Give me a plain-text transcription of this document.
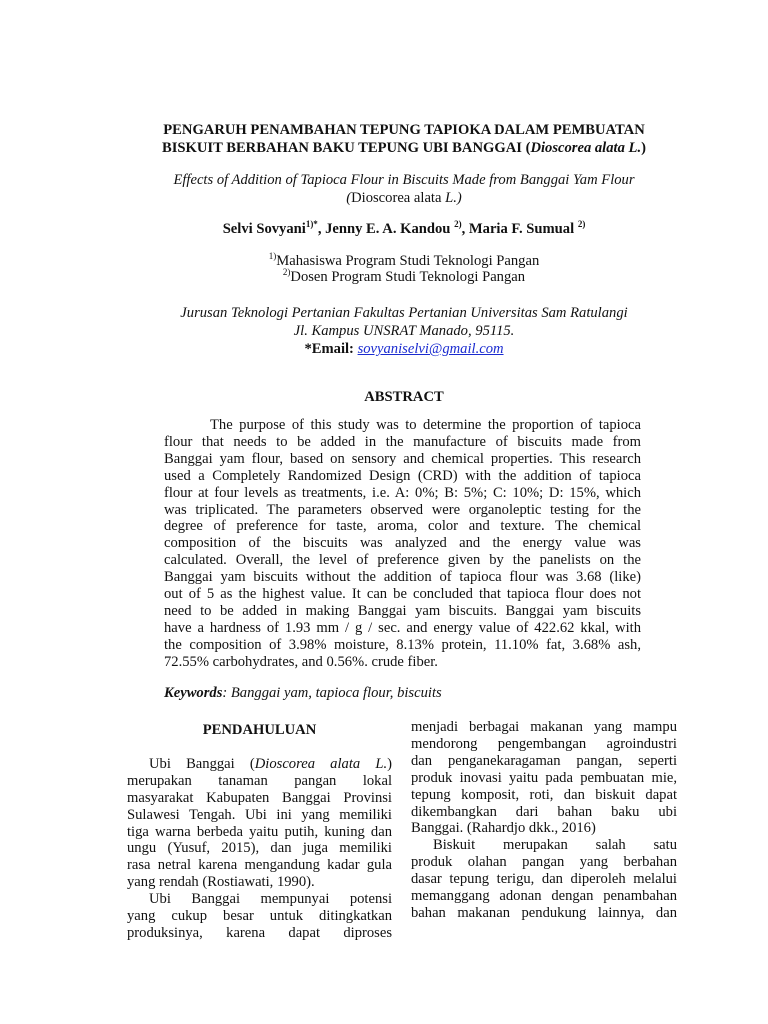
PENGARUH PENAMBAHAN TEPUNG TAPIOKA DALAM PEMBUATAN
BISKUIT BERBAHAN BAKU TEPUNG UBI BANGGAI (Dioscorea alata L.)
Effects of Addition of Tapioca Flour in Biscuits Made from Banggai Yam Flour
(Dioscorea alata L.)
Selvi Sovyani$^{1)*}$, Jenny E. A. Kandou $^{2)}$, Maria F. Sumual $^{2)}$
$^{1)}$Mahasiswa Program Studi Teknologi Pangan
$^{2)}$Dosen Program Studi Teknologi Pangan
Jurusan Teknologi Pertanian Fakultas Pertanian Universitas Sam Ratulangi
Jl. Kampus UNSRAT Manado, 95115.
*Email: sovyaniselvi@gmail.com
ABSTRACT
The purpose of this study was to determine the proportion of tapioca
flour that needs to be added in the manufacture of biscuits made from
Banggai yam flour, based on sensory and chemical properties. This research
used a Completely Randomized Design (CRD) with the addition of tapioca
flour at four levels as treatments, i.e. A: 0%; B: 5%; C: 10%; D: 15%, which
was triplicated. The parameters observed were organoleptic testing for the
degree of preference for taste, aroma, color and texture. The chemical
composition of the biscuits was analyzed and the energy value was
calculated. Overall, the level of preference given by the panelists on the
Banggai yam biscuits without the addition of tapioca flour was 3.68 (like)
out of 5 as the highest value. It can be concluded that tapioca flour does not
need to be added in making Banggai yam biscuits. Banggai yam biscuits
have a hardness of 1.93 mm / g / sec. and energy value of 422.62 kkal, with
the composition of 3.98% moisture, 8.13% protein, 11.10% fat, 3.68% ash,
72.55% carbohydrates, and 0.56%. crude fiber.
Keywords: Banggai yam, tapioca flour, biscuits
PENDAHULUAN
Ubi Banggai (Dioscorea alata L.)
merupakan tanaman pangan lokal
masyarakat Kabupaten Banggai Provinsi
Sulawesi Tengah. Ubi ini yang memiliki
tiga warna berbeda yaitu putih, kuning dan
ungu (Yusuf, 2015), dan juga memiliki
rasa netral karena mengandung kadar gula
yang rendah (Rostiawati, 1990).
Ubi Banggai mempunyai potensi
yang cukup besar untuk ditingkatkan
produksinya, karena dapat diproses
menjadi berbagai makanan yang mampu
mendorong pengembangan agroindustri
dan penganekaragaman pangan, seperti
produk inovasi yaitu pada pembuatan mie,
tepung komposit, roti, dan biskuit dapat
dikembangkan dari bahan baku ubi
Banggai. (Rahardjo dkk., 2016)
Biskuit merupakan salah satu
produk olahan pangan yang berbahan
dasar tepung terigu, dan diperoleh melalui
memanggang adonan dengan penambahan
bahan makanan pendukung lainnya, dan
